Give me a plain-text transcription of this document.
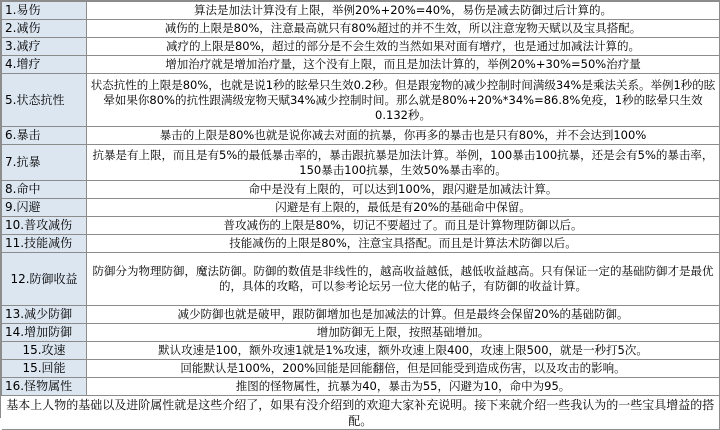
1.易伤	算法是加法计算没有上限，举例20%+20%=40%，易伤是减去防御过后计算的。
2.减伤	减伤的上限是80%，注意最高就只有80%超过的并不生效，所以注意宠物天赋以及宝具搭配。
3.减疗	减疗的上限是80%，超过的部分是不会生效的当然如果对面有增疗，也是通过加减法计算的。
4.增疗	增加治疗就是增加治疗量，这个没有上限，而且是加法计算的，举例20%+30%=50%治疗量
5.状态抗性	状态抗性的上限是80%，也就是说1秒的眩晕只生效0.2秒。但是跟宠物的减少控制时间满级34%是乘法关系。举例1秒的眩晕如果你80%的抗性跟满级宠物天赋34%减少控制时间。那么就是80%+20%*34%=86.8%免疫，1秒的眩晕只生效0.132秒。
6.暴击	暴击的上限是80%也就是说你减去对面的抗暴，你再多的暴击也是只有80%，并不会达到100%
7.抗暴	抗暴是有上限，而且是有5%的最低暴击率的，暴击跟抗暴是加法计算。举例，100暴击100抗暴，还是会有5%的暴击率，150暴击100抗暴，生效50%暴击率的。
8.命中	命中是没有上限的，可以达到100%，跟闪避是加减法计算。
9.闪避	闪避是有上限的，最低是有20%的基础命中保留。
10.普攻减伤	普攻减伤的上限是80%，切记不要超过了。而且是计算物理防御以后。
11.技能减伤	技能减伤的上限是80%，注意宝具搭配。而且是计算法术防御以后。
12.防御收益	防御分为物理防御，魔法防御。防御的数值是非线性的，越高收益越低，越低收益越高。只有保证一定的基础防御才是最优的，具体的攻略，可以参考论坛另一位大佬的帖子，有防御的收益计算。
13.减少防御	减少防御也就是破甲，跟防御增加也是加减法的计算。但是最终会保留20%的基础防御。
14.增加防御	增加防御无上限，按照基础增加。
15.攻速	默认攻速是100，额外攻速1就是1%攻速，额外攻速上限400，攻速上限500，就是一秒打5次。
15.回能	回能默认是100%，200%回能是回能翻倍，但是回能受到造成伤害，以及攻击的影响。
16.怪物属性	推图的怪物属性，抗暴为40，暴击为55，闪避为10，命中为95。
基本上人物的基础以及进阶属性就是这些介绍了，如果有没介绍到的欢迎大家补充说明。接下来就介绍一些我认为的一些宝具增益的搭配。	
